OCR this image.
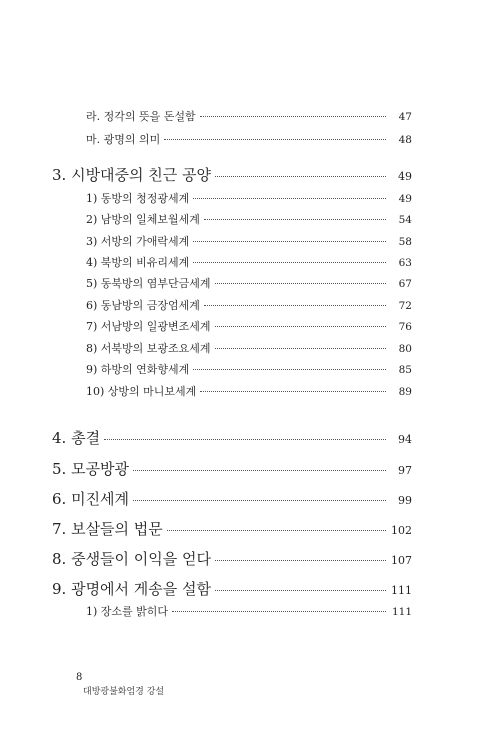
라. 정각의 뜻을 돈설함	47
마. 광명의 의미	48
3. 시방대중의 친근 공양	49
1) 동방의 청정광세계	49
2) 남방의 일체보월세계	54
3) 서방의 가애락세계	58
4) 북방의 비유리세계	63
5) 동북방의 염부단금세계	67
6) 동남방의 금장엄세계	72
7) 서남방의 일광변조세계	76
8) 서북방의 보광조요세계	80
9) 하방의 연화향세계	85
10) 상방의 마니보세계	89
4. 총결	94
5. 모공방광	97
6. 미진세계	99
7. 보살들의 법문	102
8. 중생들이 이익을 얻다	107
9. 광명에서 게송을 설함	111
1) 장소를 밝히다	111
8
대방광불화엄경 강설
